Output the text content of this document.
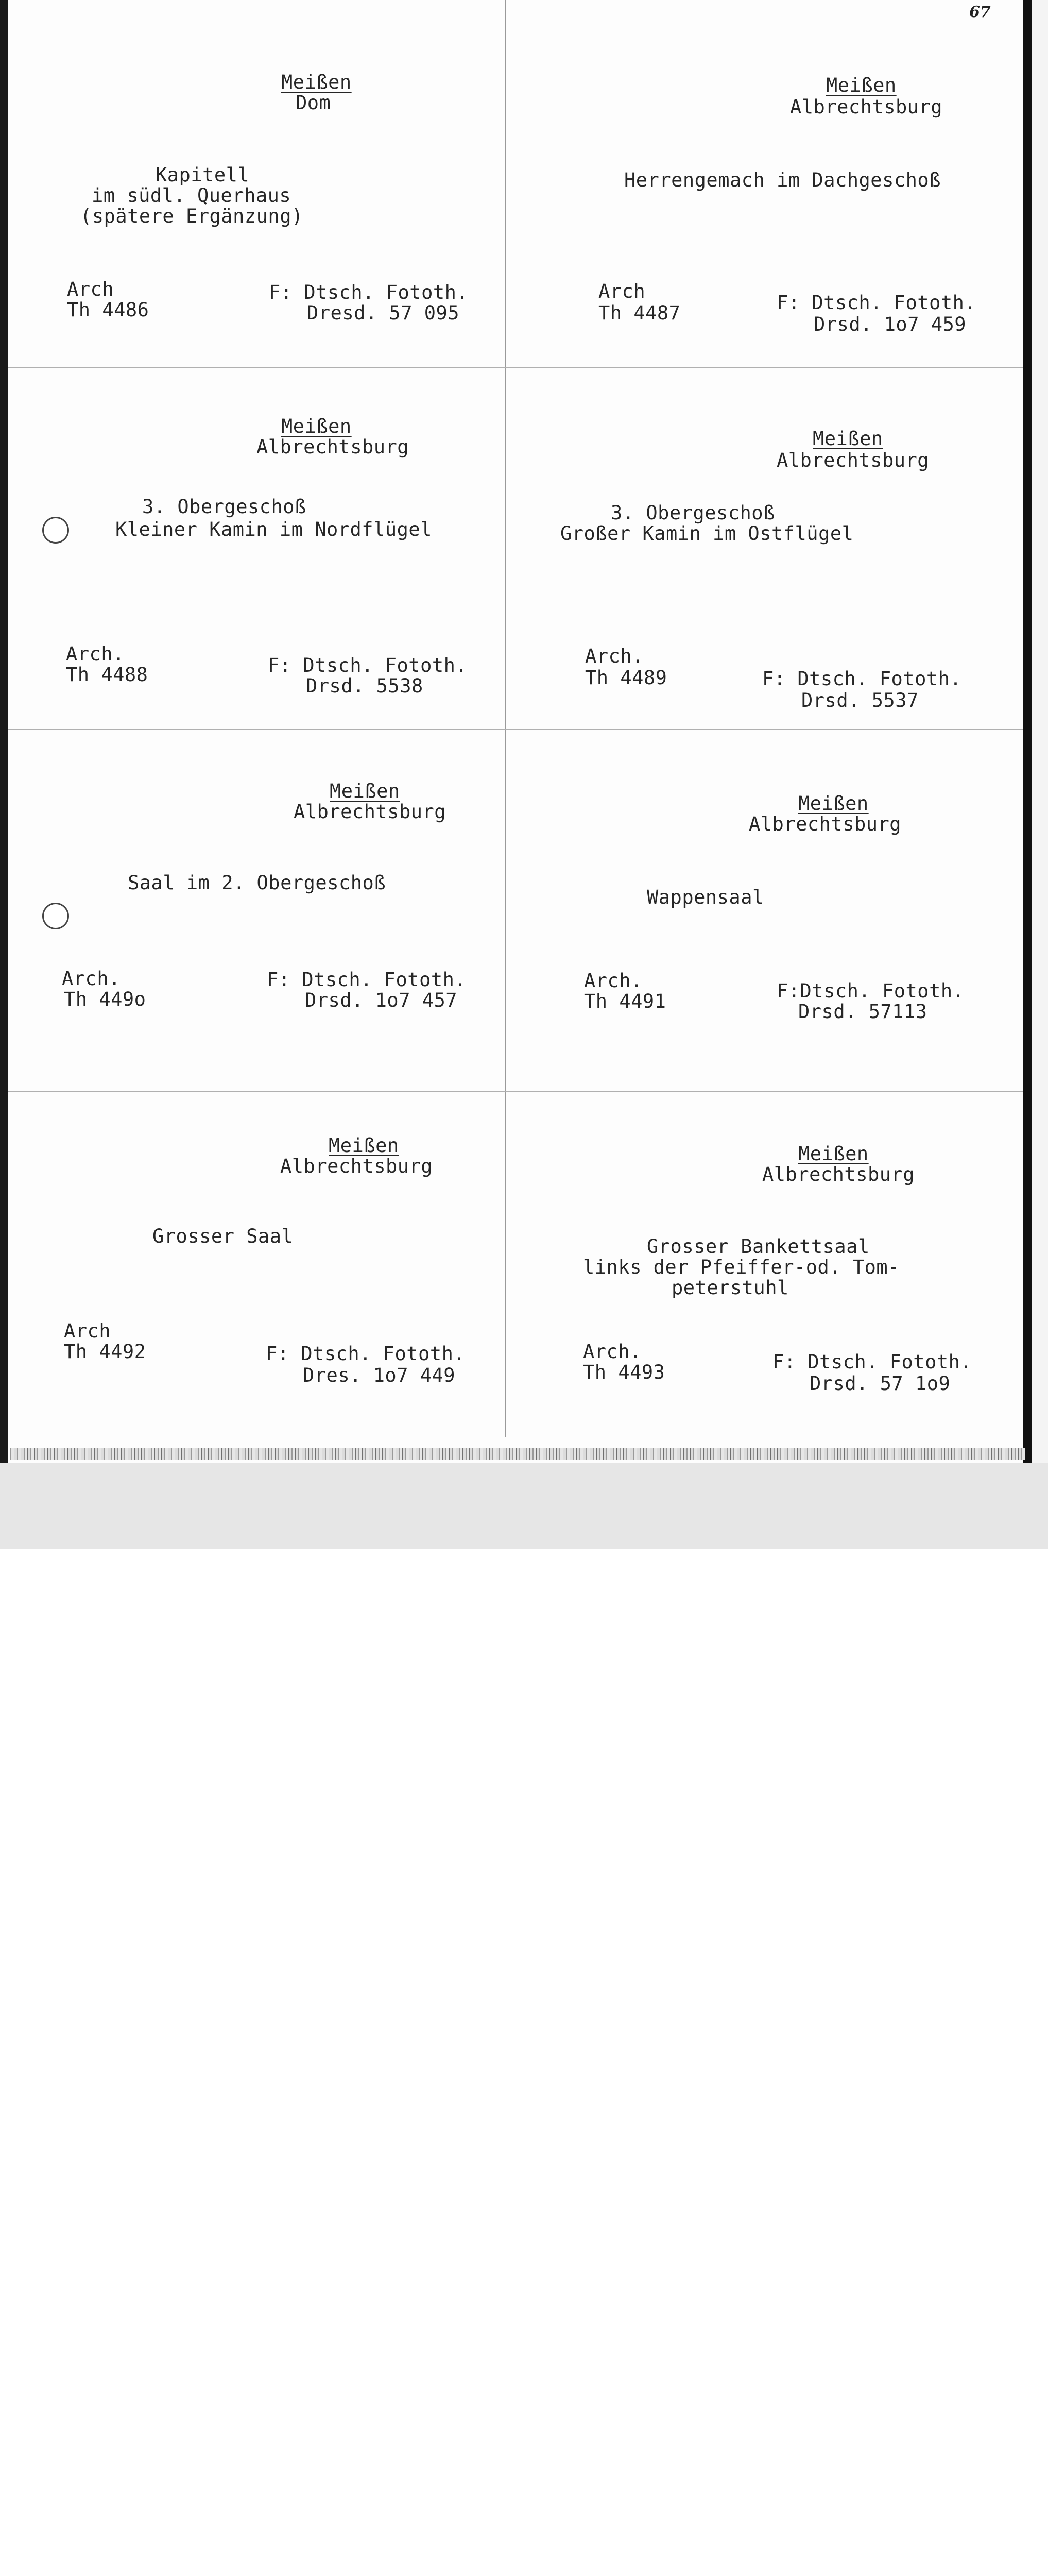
67
Meißen
Dom
Kapitell
im südl. Querhaus
(spätere Ergänzung)
Arch
Th 4486
F: Dtsch. Fototh.
Dresd. 57 095
Meißen
Albrechtsburg
Herrengemach im Dachgeschoß
Arch
Th 4487	F: Dtsch. Fototh.
Drsd. 1o7 459
Meißen
Albrechtsburg
3. Obergeschoß
Kleiner Kamin im Nordflügel
Arch.
Th 4488	F: Dtsch. Fototh.
Drsd. 5538
Meißen
Albrechtsburg
3. Obergeschoß
Großer Kamin im Ostflügel
Arch.
Th 4489	F: Dtsch. Fototh.
Drsd. 5537
Meißen
Albrechtsburg
Saal im 2. Obergeschoß
Arch.
Th 449o
F: Dtsch. Fototh.
Drsd. 1o7 457
Meißen
Albrechtsburg
Wappensaal
Arch.
Th 4491	F:Dtsch. Fototh.
Drsd. 57113
Meißen
Albrechtsburg
Grosser Saal
Arch
Th 4492	F: Dtsch. Fototh.
Dres. 1o7 449
Meißen
Albrechtsburg
Grosser Bankettsaal
links der Pfeiffer-od. Tom-
peterstuhl
Arch.
Th 4493	F: Dtsch. Fototh.
Drsd. 57 1o9
